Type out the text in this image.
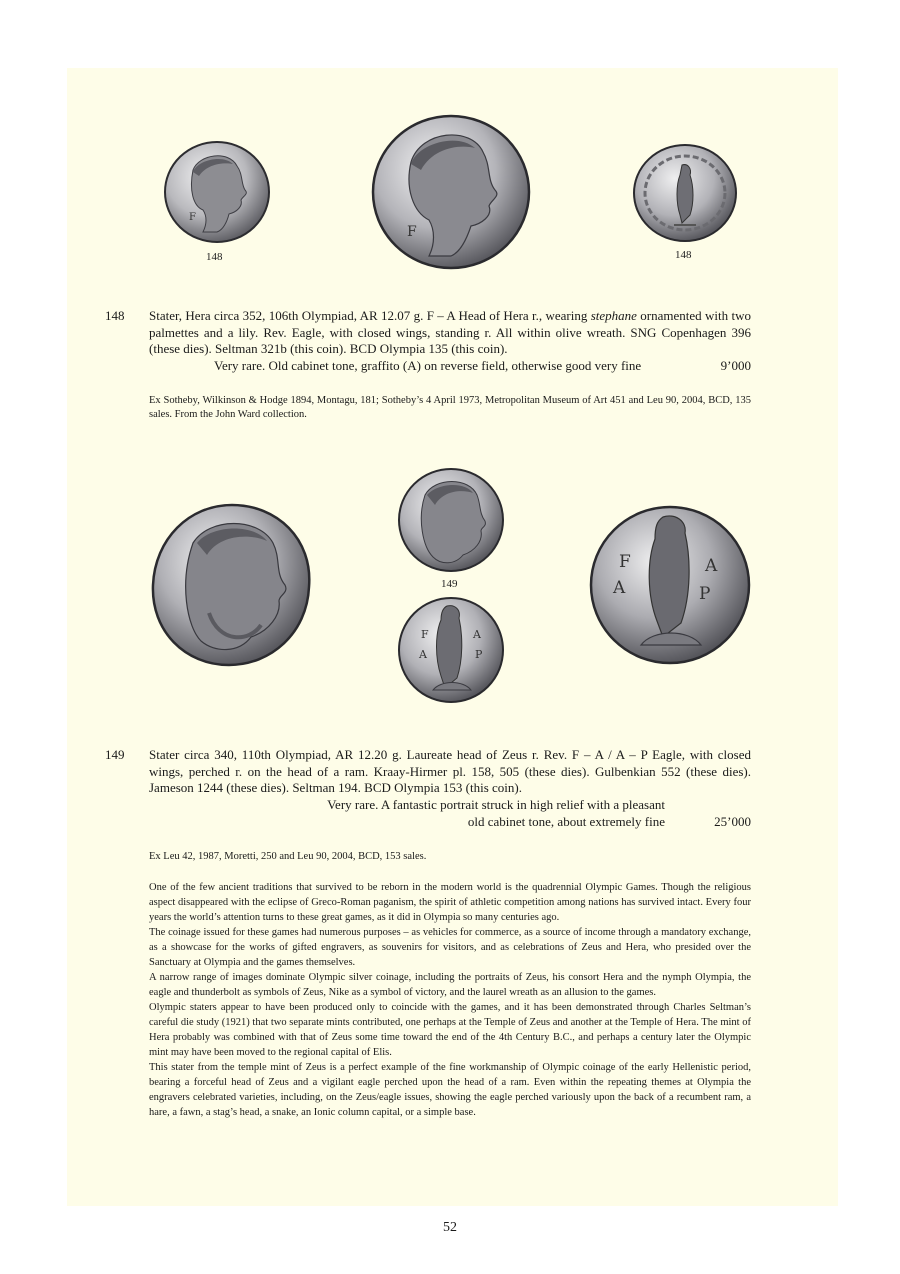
F
148
F
148
148 Stater, Hera circa 352, 106th Olympiad, AR 12.07 g. F – A Head of Hera r., wearing stephane ornamented with two palmettes and a lily. Rev. Eagle, with closed wings, standing r. All within olive wreath. SNG Copenhagen 396 (these dies). Seltman 321b (this coin). BCD Olympia 135 (this coin).
Very rare. Old cabinet tone, graffito (A) on reverse field, otherwise good very fine	9’000
Ex Sotheby, Wilkinson & Hodge 1894, Montagu, 181; Sotheby’s 4 April 1973, Metropolitan Museum of Art 451 and Leu 90, 2004, BCD, 135 sales. From the John Ward collection.
149
F	A
A	P
F	A
A	P
149 Stater circa 340, 110th Olympiad, AR 12.20 g. Laureate head of Zeus r. Rev. F – A / A – P Eagle, with closed wings, perched r. on the head of a ram. Kraay-Hirmer pl. 158, 505 (these dies). Gulbenkian 552 (these dies). Jameson 1244 (these dies). Seltman 194. BCD Olympia 153 (this coin).
Very rare. A fantastic portrait struck in high relief with a pleasant
old cabinet tone, about extremely fine	25’000
Ex Leu 42, 1987, Moretti, 250 and Leu 90, 2004, BCD, 153 sales.

One of the few ancient traditions that survived to be reborn in the modern world is the quadrennial Olympic Games. Though the religious aspect disappeared with the eclipse of Greco-Roman paganism, the spirit of athletic competition among nations has survived intact. Every four years the world’s attention turns to these great games, as it did in Olympia so many centuries ago.

The coinage issued for these games had numerous purposes – as vehicles for commerce, as a source of income through a mandatory exchange, as a showcase for the works of gifted engravers, as souvenirs for visitors, and as celebrations of Zeus and Hera, who presided over the Sanctuary at Olympia and the games themselves.

A narrow range of images dominate Olympic silver coinage, including the portraits of Zeus, his consort Hera and the nymph Olympia, the eagle and thunderbolt as symbols of Zeus, Nike as a symbol of victory, and the laurel wreath as an allusion to the games.

Olympic staters appear to have been produced only to coincide with the games, and it has been demonstrated through Charles Seltman’s careful die study (1921) that two separate mints contributed, one perhaps at the Temple of Zeus and another at the Temple of Hera. The mint of Hera probably was combined with that of Zeus some time toward the end of the 4th Century B.C., and perhaps a century later the Olympic mint may have been moved to the regional capital of Elis.

This stater from the temple mint of Zeus is a perfect example of the fine workmanship of Olympic coinage of the early Hellenistic period, bearing a forceful head of Zeus and a vigilant eagle perched upon the head of a ram. Even within the repeating themes at Olympia the engravers celebrated varieties, including, on the Zeus/eagle issues, showing the eagle perched variously upon the back of a recumbent ram, a hare, a fawn, a stag’s head, a snake, an Ionic column capital, or a simple base.

52
